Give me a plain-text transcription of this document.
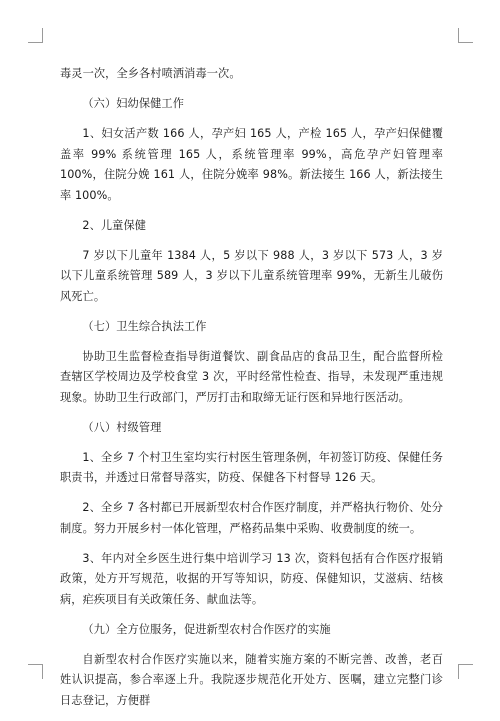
毒灵一次，全乡各村喷洒消毒一次。

（六）妇幼保健工作

1、妇女活产数 166 人，孕产妇 165 人，产检 165 人，孕产妇保健覆盖率 99% 系统管理 165 人，系统管理率 99%，高危孕产妇管理率 100%，住院分娩 161 人，住院分娩率 98%。新法接生 166 人，新法接生率 100%。

2、儿童保健

7 岁以下儿童年 1384 人，5 岁以下 988 人，3 岁以下 573 人，3 岁以下儿童系统管理 589 人，3 岁以下儿童系统管理率 99%，无新生儿破伤风死亡。

（七）卫生综合执法工作

协助卫生监督检查指导街道餐饮、副食品店的食品卫生，配合监督所检查辖区学校周边及学校食堂 3 次，平时经常性检查、指导，未发现严重违规现象。协助卫生行政部门，严厉打击和取缔无证行医和异地行医活动。

（八）村级管理

1、全乡 7 个村卫生室均实行村医生管理条例，年初签订防疫、保健任务职责书，并透过日常督导落实，防疫、保健各下村督导 126 天。

2、全乡 7 各村都已开展新型农村合作医疗制度，并严格执行物价、处分制度。努力开展乡村一体化管理，严格药品集中采购、收费制度的统一。

3、年内对全乡医生进行集中培训学习 13 次，资料包括有合作医疗报销政策，处方开写规范，收据的开写等知识，防疫、保健知识，艾滋病、结核病，疟疾项目有关政策任务、献血法等。

（九）全方位服务，促进新型农村合作医疗的实施

自新型农村合作医疗实施以来，随着实施方案的不断完善、改善，老百姓认识提高，参合率逐上升。我院逐步规范化开处方、医嘱，建立完整门诊日志登记，方便群
